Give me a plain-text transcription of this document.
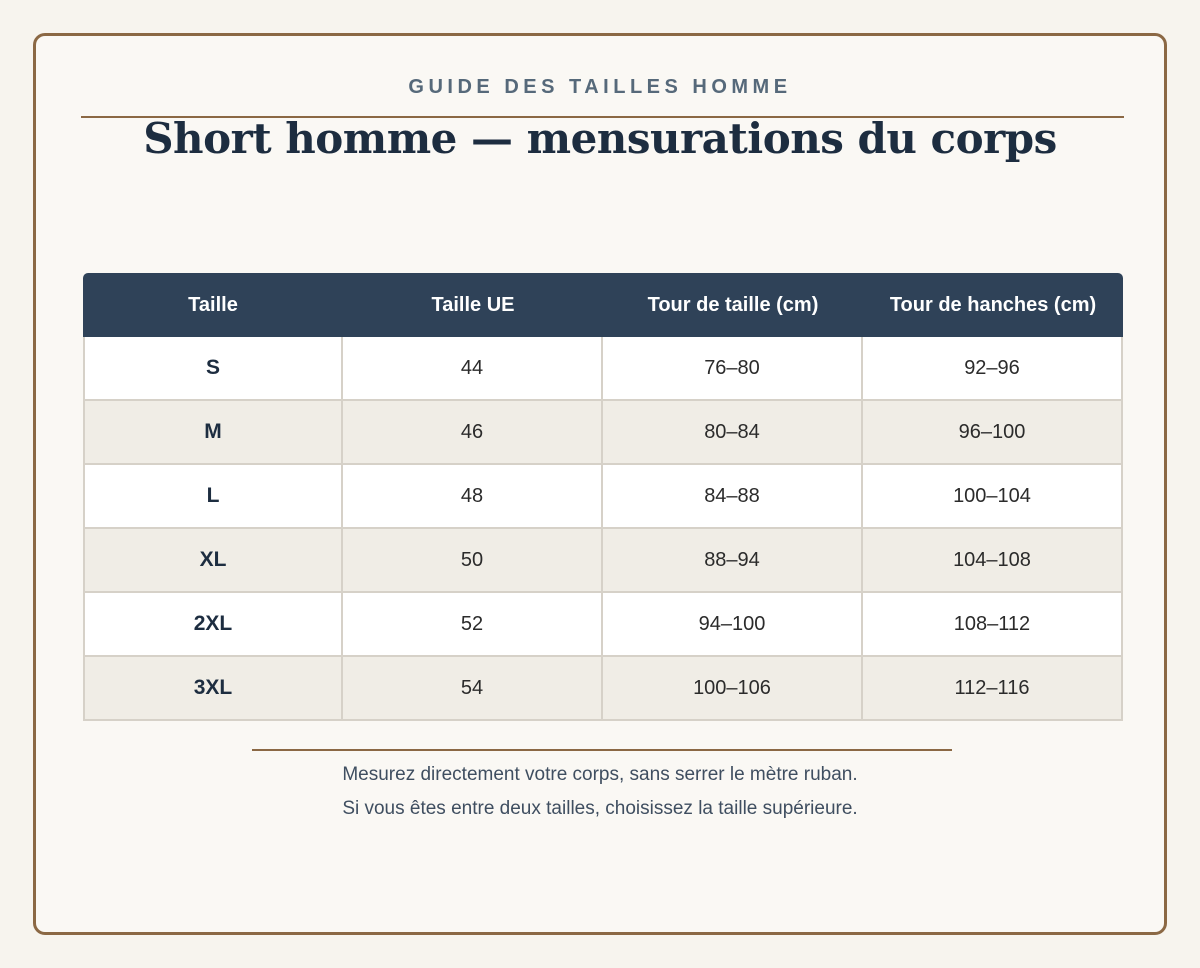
GUIDE DES TAILLES HOMME
Short homme — mensurations du corps
Taille	Taille UE	Tour de taille (cm)	Tour de hanches (cm)
S	44	76–80	92–96
M	46	80–84	96–100
L	48	84–88	100–104
XL	50	88–94	104–108
2XL	52	94–100	108–112
3XL	54	100–106	112–116

Mesurez directement votre corps, sans serrer le mètre ruban.

Si vous êtes entre deux tailles, choisissez la taille supérieure.
